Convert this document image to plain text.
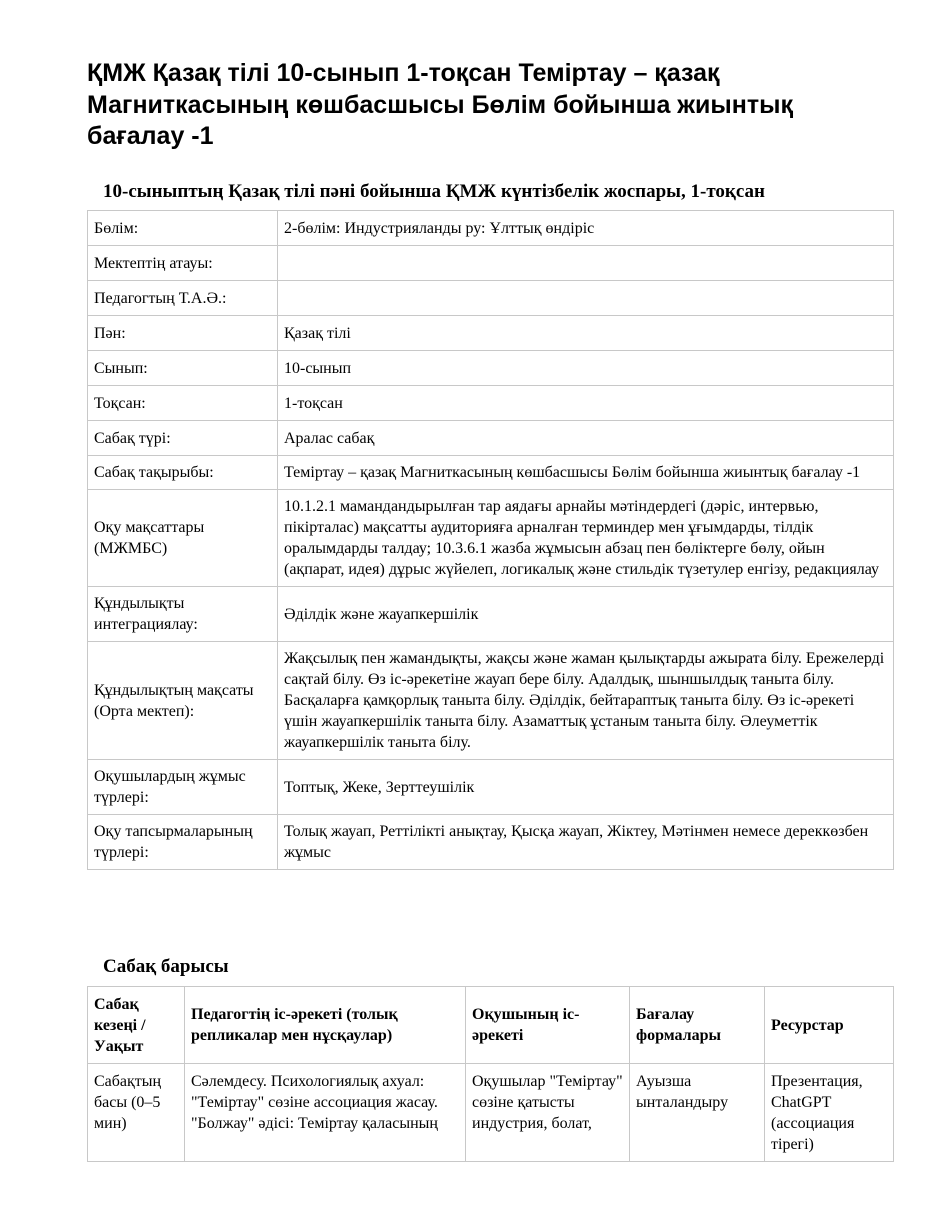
ҚМЖ Қазақ тілі 10-сынып 1-тоқсан Теміртау – қазақ Магниткасының көшбасшысы Бөлім бойынша жиынтық бағалау -1
10-сыныптың Қазақ тілі пәні бойынша ҚМЖ күнтізбелік жоспары, 1-тоқсан
Бөлім:	2-бөлім: Индустрияланды ру: Ұлттық өндіріс
Мектептің атауы:	
Педагогтың Т.А.Ә.:	
Пән:	Қазақ тілі
Сынып:	10-сынып
Тоқсан:	1-тоқсан
Сабақ түрі:	Аралас сабақ
Сабақ тақырыбы:	Теміртау – қазақ Магниткасының көшбасшысы Бөлім бойынша жиынтық бағалау -1
Оқу мақсаттары (МЖМБС)	10.1.2.1 мамандандырылған тар аядағы арнайы мәтіндердегі (дәріс, интервью, пікірталас) мақсатты аудиторияға арналған терминдер мен ұғымдарды, тілдік оралымдарды талдау; 10.3.6.1 жазба жұмысын абзац пен бөліктерге бөлу, ойын (ақпарат, идея) дұрыс жүйелеп, логикалық және стильдік түзетулер енгізу, редакциялау
Құндылықты интеграциялау:	Әділдік және жауапкершілік
Құндылықтың мақсаты (Орта мектеп):	Жақсылық пен жамандықты, жақсы және жаман қылықтарды ажырата білу. Ережелерді сақтай білу. Өз іс-әрекетіне жауап бере білу. Адалдық, шыншылдық таныта білу. Басқаларға қамқорлық таныта білу. Әділдік, бейтараптық таныта білу. Өз іс-әрекеті үшін жауапкершілік таныта білу. Азаматтық ұстаным таныта білу. Әлеуметтік жауапкершілік таныта білу.
Оқушылардың жұмыс түрлері:	Топтық, Жеке, Зерттеушілік
Оқу тапсырмаларының түрлері:	Толық жауап, Реттілікті анықтау, Қысқа жауап, Жіктеу, Мәтінмен немесе дереккөзбен жұмыс
Сабақ барысы
Сабақ кезеңі / Уақыт	Педагогтің іс-әрекеті (толық репликалар мен нұсқаулар)	Оқушының іс-әрекеті	Бағалау формалары	Ресурстар
Сабақтың басы (0–5 мин)	Сәлемдесу. Психологиялық ахуал: "Теміртау" сөзіне ассоциация жасау. "Болжау" әдісі: Теміртау қаласының	Оқушылар "Теміртау" сөзіне қатысты индустрия, болат,	Ауызша ынталандыру	Презентация, ChatGPT (ассоциация тірегі)
